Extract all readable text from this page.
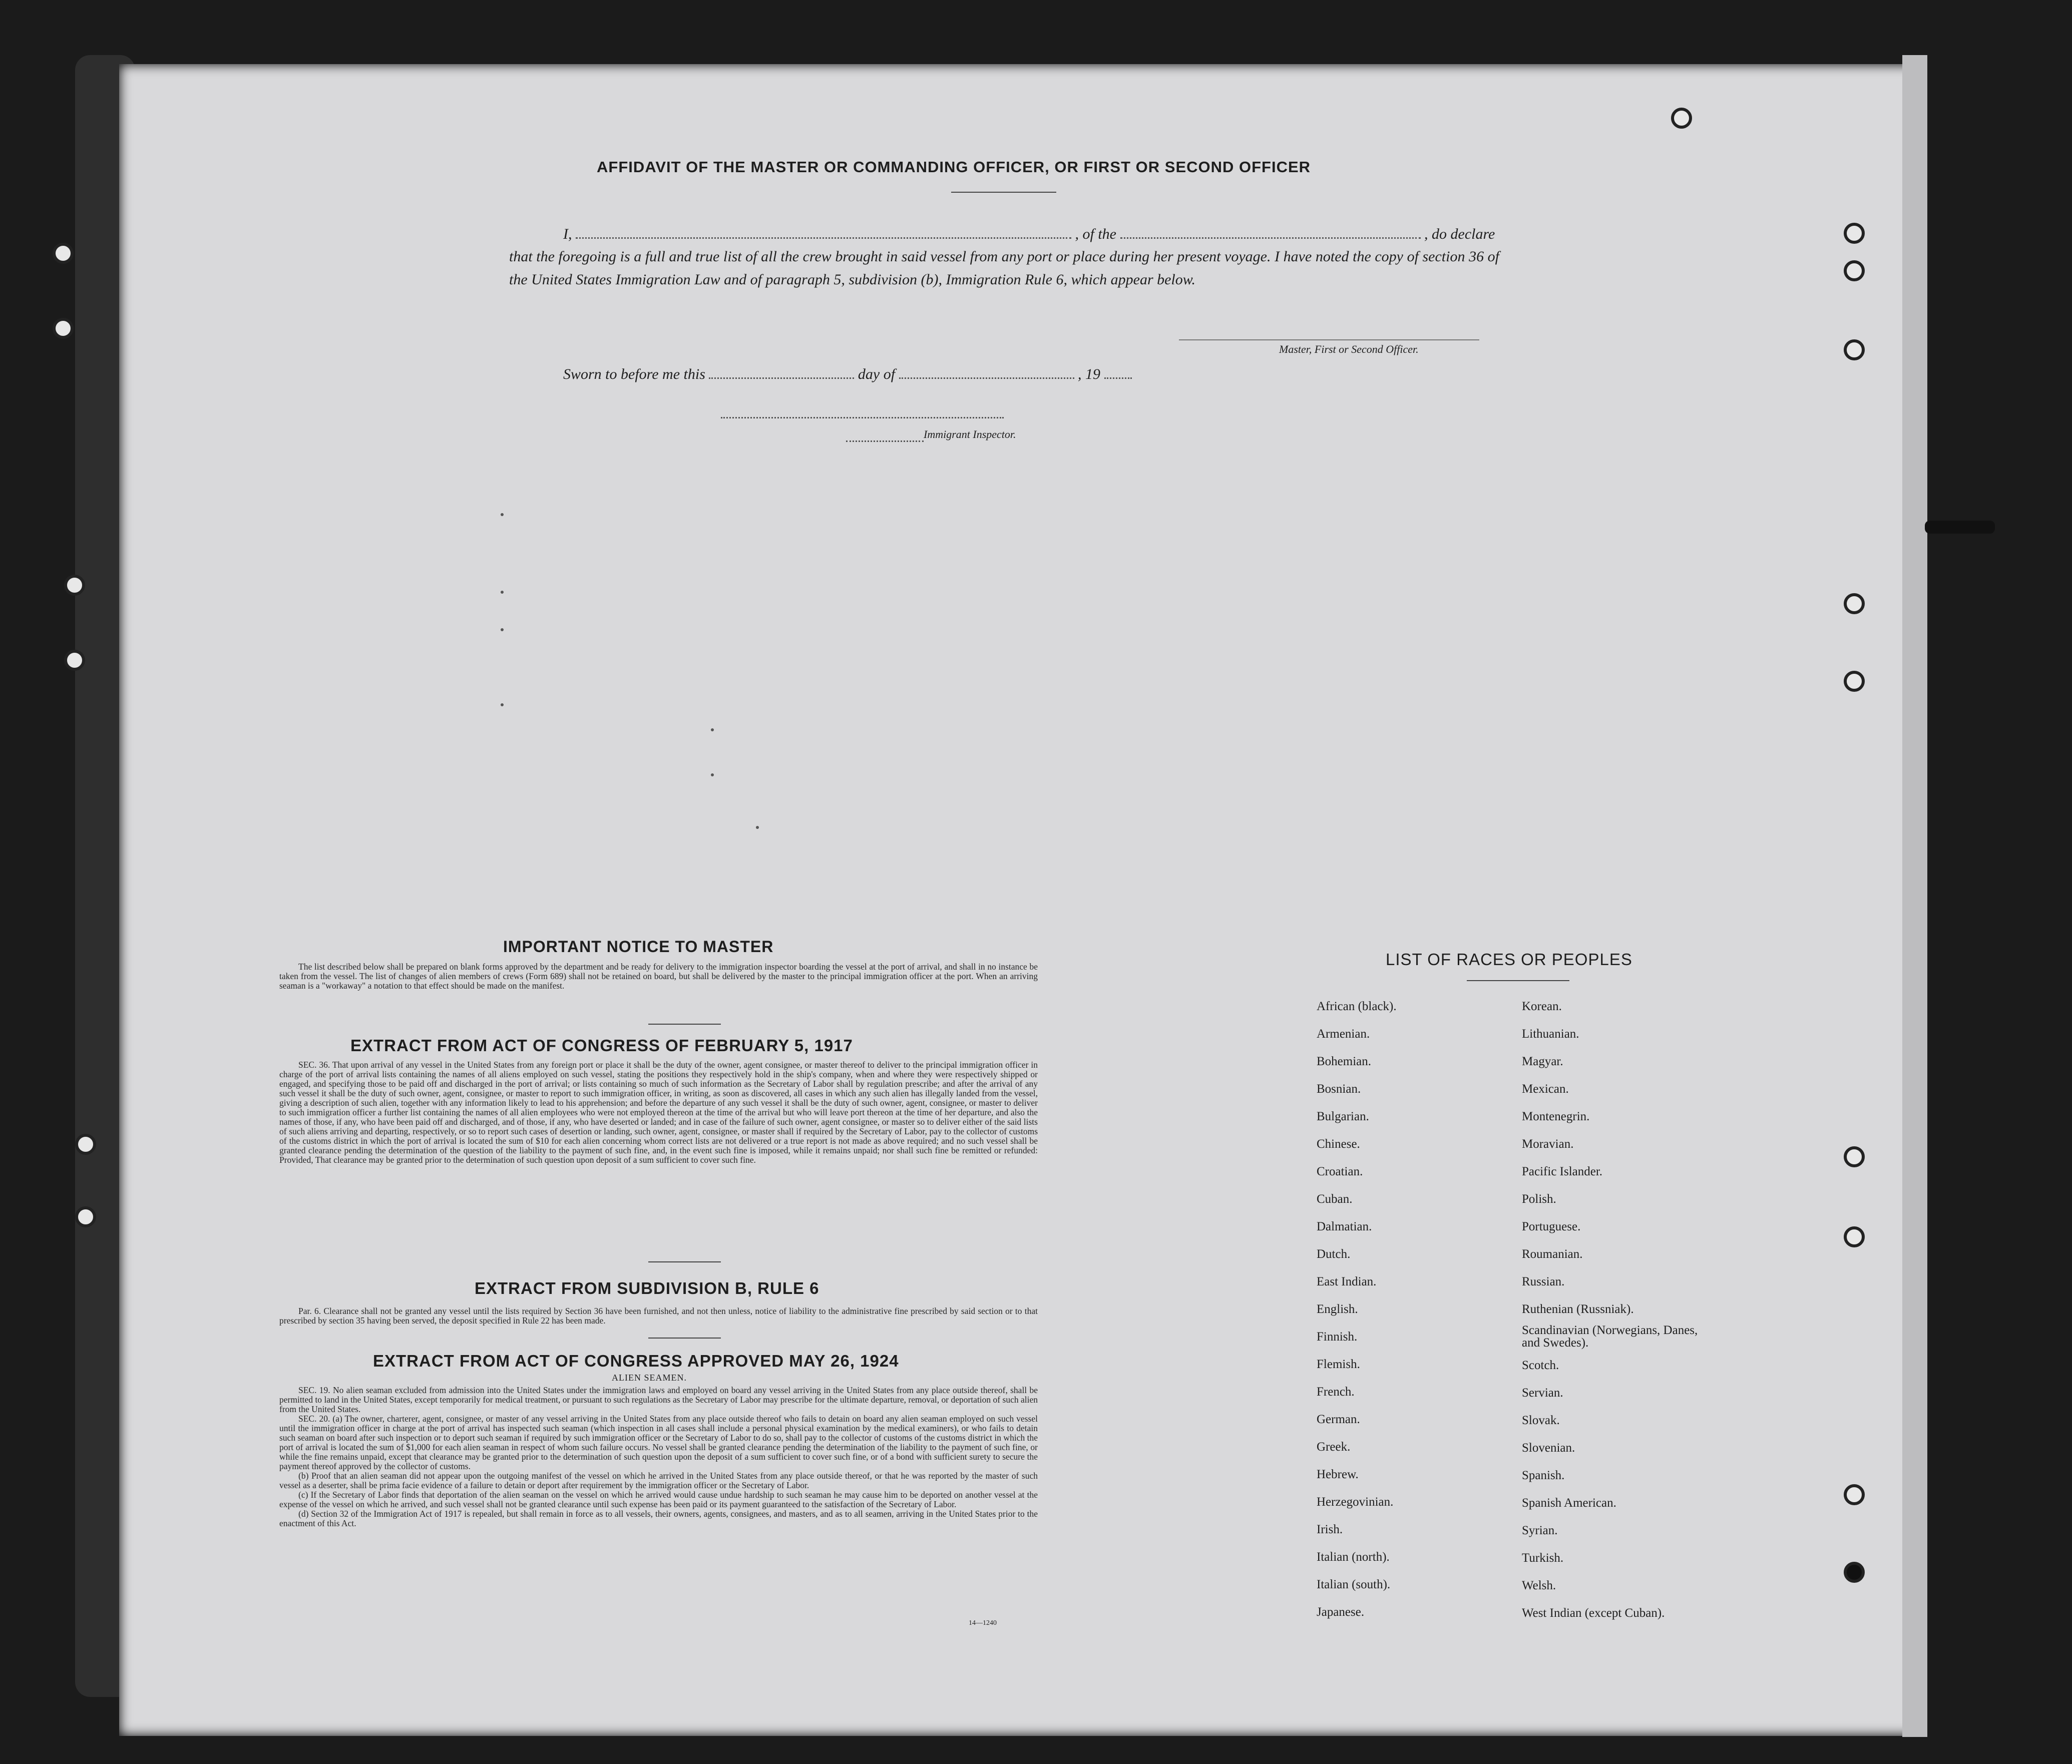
AFFIDAVIT OF THE MASTER OR COMMANDING OFFICER, OR FIRST OR SECOND OFFICER
I,	, of the	, do declare
that the foregoing is a full and true list of all the crew brought in said vessel from any port or place during her present voyage. I have noted the copy of section 36 of the United States Immigration Law and of paragraph 5, subdivision (b), Immigration Rule 6, which appear below.
Master, First or Second Officer.
Sworn to before me this	day of	, 19
Immigrant Inspector.
IMPORTANT NOTICE TO MASTER

The list described below shall be prepared on blank forms approved by the department and be ready for delivery to the immigration inspector boarding the vessel at the port of arrival, and shall in no instance be taken from the vessel. The list of changes of alien members of crews (Form 689) shall not be retained on board, but shall be delivered by the master to the principal immigration officer at the port. When an arriving seaman is a "workaway" a notation to that effect should be made on the manifest.

EXTRACT FROM ACT OF CONGRESS OF FEBRUARY 5, 1917

SEC. 36. That upon arrival of any vessel in the United States from any foreign port or place it shall be the duty of the owner, agent consignee, or master thereof to deliver to the principal immigration officer in charge of the port of arrival lists containing the names of all aliens employed on such vessel, stating the positions they respectively hold in the ship's company, when and where they were respectively shipped or engaged, and specifying those to be paid off and discharged in the port of arrival; or lists containing so much of such information as the Secretary of Labor shall by regulation prescribe; and after the arrival of any such vessel it shall be the duty of such owner, agent, consignee, or master to report to such immigration officer, in writing, as soon as discovered, all cases in which any such alien has illegally landed from the vessel, giving a description of such alien, together with any information likely to lead to his apprehension; and before the departure of any such vessel it shall be the duty of such owner, agent, consignee, or master to deliver to such immigration officer a further list containing the names of all alien employees who were not employed thereon at the time of the arrival but who will leave port thereon at the time of her departure, and also the names of those, if any, who have been paid off and discharged, and of those, if any, who have deserted or landed; and in case of the failure of such owner, agent consignee, or master so to deliver either of the said lists of such aliens arriving and departing, respectively, or so to report such cases of desertion or landing, such owner, agent, consignee, or master shall if required by the Secretary of Labor, pay to the collector of customs of the customs district in which the port of arrival is located the sum of $10 for each alien concerning whom correct lists are not delivered or a true report is not made as above required; and no such vessel shall be granted clearance pending the determination of the question of the liability to the payment of such fine, and, in the event such fine is imposed, while it remains unpaid; nor shall such fine be remitted or refunded: Provided, That clearance may be granted prior to the determination of such question upon deposit of a sum sufficient to cover such fine.

EXTRACT FROM SUBDIVISION B, RULE 6

Par. 6. Clearance shall not be granted any vessel until the lists required by Section 36 have been furnished, and not then unless, notice of liability to the administrative fine prescribed by said section or to that prescribed by section 35 having been served, the deposit specified in Rule 22 has been made.

EXTRACT FROM ACT OF CONGRESS APPROVED MAY 26, 1924
ALIEN SEAMEN.

SEC. 19. No alien seaman excluded from admission into the United States under the immigration laws and employed on board any vessel arriving in the United States from any place outside thereof, shall be permitted to land in the United States, except temporarily for medical treatment, or pursuant to such regulations as the Secretary of Labor may prescribe for the ultimate departure, removal, or deportation of such alien from the United States.

SEC. 20. (a) The owner, charterer, agent, consignee, or master of any vessel arriving in the United States from any place outside thereof who fails to detain on board any alien seaman employed on such vessel until the immigration officer in charge at the port of arrival has inspected such seaman (which inspection in all cases shall include a personal physical examination by the medical examiners), or who fails to detain such seaman on board after such inspection or to deport such seaman if required by such immigration officer or the Secretary of Labor to do so, shall pay to the collector of customs of the customs district in which the port of arrival is located the sum of $1,000 for each alien seaman in respect of whom such failure occurs. No vessel shall be granted clearance pending the determination of the liability to the payment of such fine, or while the fine remains unpaid, except that clearance may be granted prior to the determination of such question upon the deposit of a sum sufficient to cover such fine, or of a bond with sufficient surety to secure the payment thereof approved by the collector of customs.

(b) Proof that an alien seaman did not appear upon the outgoing manifest of the vessel on which he arrived in the United States from any place outside thereof, or that he was reported by the master of such vessel as a deserter, shall be prima facie evidence of a failure to detain or deport after requirement by the immigration officer or the Secretary of Labor.

(c) If the Secretary of Labor finds that deportation of the alien seaman on the vessel on which he arrived would cause undue hardship to such seaman he may cause him to be deported on another vessel at the expense of the vessel on which he arrived, and such vessel shall not be granted clearance until such expense has been paid or its payment guaranteed to the satisfaction of the Secretary of Labor.

(d) Section 32 of the Immigration Act of 1917 is repealed, but shall remain in force as to all vessels, their owners, agents, consignees, and masters, and as to all seamen, arriving in the United States prior to the enactment of this Act.

14—1240
LIST OF RACES OR PEOPLES
African (black).
Armenian.
Bohemian.
Bosnian.
Bulgarian.
Chinese.
Croatian.
Cuban.
Dalmatian.
Dutch.
East Indian.
English.
Finnish.
Flemish.
French.
German.
Greek.
Hebrew.
Herzegovinian.
Irish.
Italian (north).
Italian (south).
Japanese.
Korean.
Lithuanian.
Magyar.
Mexican.
Montenegrin.
Moravian.
Pacific Islander.
Polish.
Portuguese.
Roumanian.
Russian.
Ruthenian (Russniak).
Scandinavian (Norwegians, Danes, and Swedes).
Scotch.
Servian.
Slovak.
Slovenian.
Spanish.
Spanish American.
Syrian.
Turkish.
Welsh.
West Indian (except Cuban).
